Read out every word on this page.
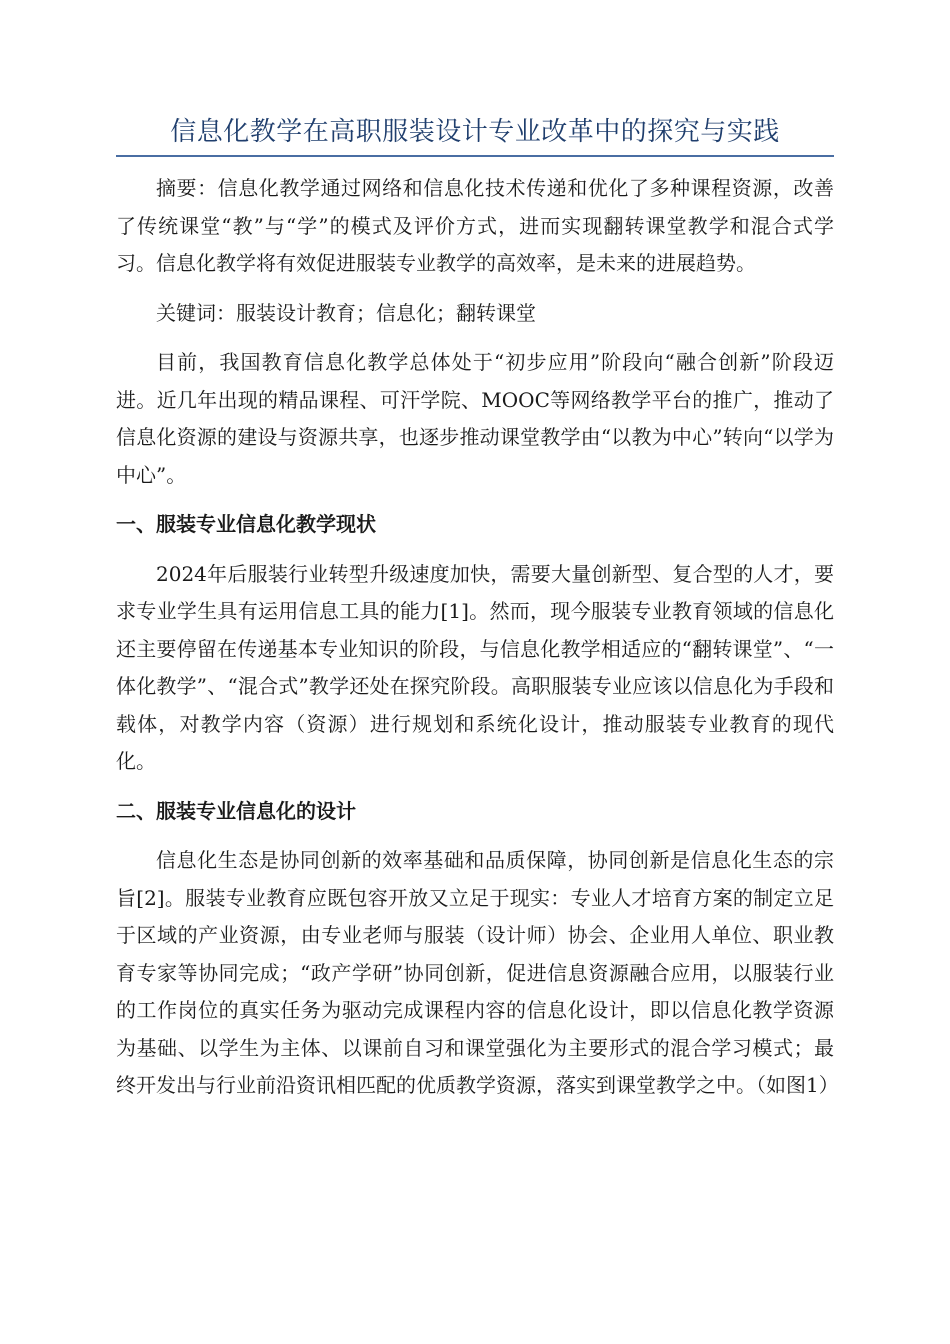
信息化教学在高职服装设计专业改革中的探究与实践

摘要：信息化教学通过网络和信息化技术传递和优化了多种课程资源，改善了传统课堂“教”与“学”的模式及评价方式，进而实现翻转课堂教学和混合式学习。信息化教学将有效促进服装专业教学的高效率，是未来的进展趋势。

关键词：服装设计教育；信息化；翻转课堂

目前，我国教育信息化教学总体处于“初步应用”阶段向“融合创新”阶段迈进。近几年出现的精品课程、可汗学院、MOOC等网络教学平台的推广，推动了信息化资源的建设与资源共享，也逐步推动课堂教学由“以教为中心”转向“以学为中心”。

一、服装专业信息化教学现状

2024年后服装行业转型升级速度加快，需要大量创新型、复合型的人才，要求专业学生具有运用信息工具的能力[1]。然而，现今服装专业教育领域的信息化还主要停留在传递基本专业知识的阶段，与信息化教学相适应的“翻转课堂”、“一体化教学”、“混合式”教学还处在探究阶段。高职服装专业应该以信息化为手段和载体，对教学内容（资源）进行规划和系统化设计，推动服装专业教育的现代化。

二、服装专业信息化的设计

信息化生态是协同创新的效率基础和品质保障，协同创新是信息化生态的宗旨[2]。服装专业教育应既包容开放又立足于现实：专业人才培育方案的制定立足于区域的产业资源，由专业老师与服装（设计师）协会、企业用人单位、职业教育专家等协同完成；“政产学研”协同创新，促进信息资源融合应用，以服装行业的工作岗位的真实任务为驱动完成课程内容的信息化设计，即以信息化教学资源为基础、以学生为主体、以课前自习和课堂强化为主要形式的混合学习模式；最终开发出与行业前沿资讯相匹配的优质教学资源，落实到课堂教学之中。（如图1）
